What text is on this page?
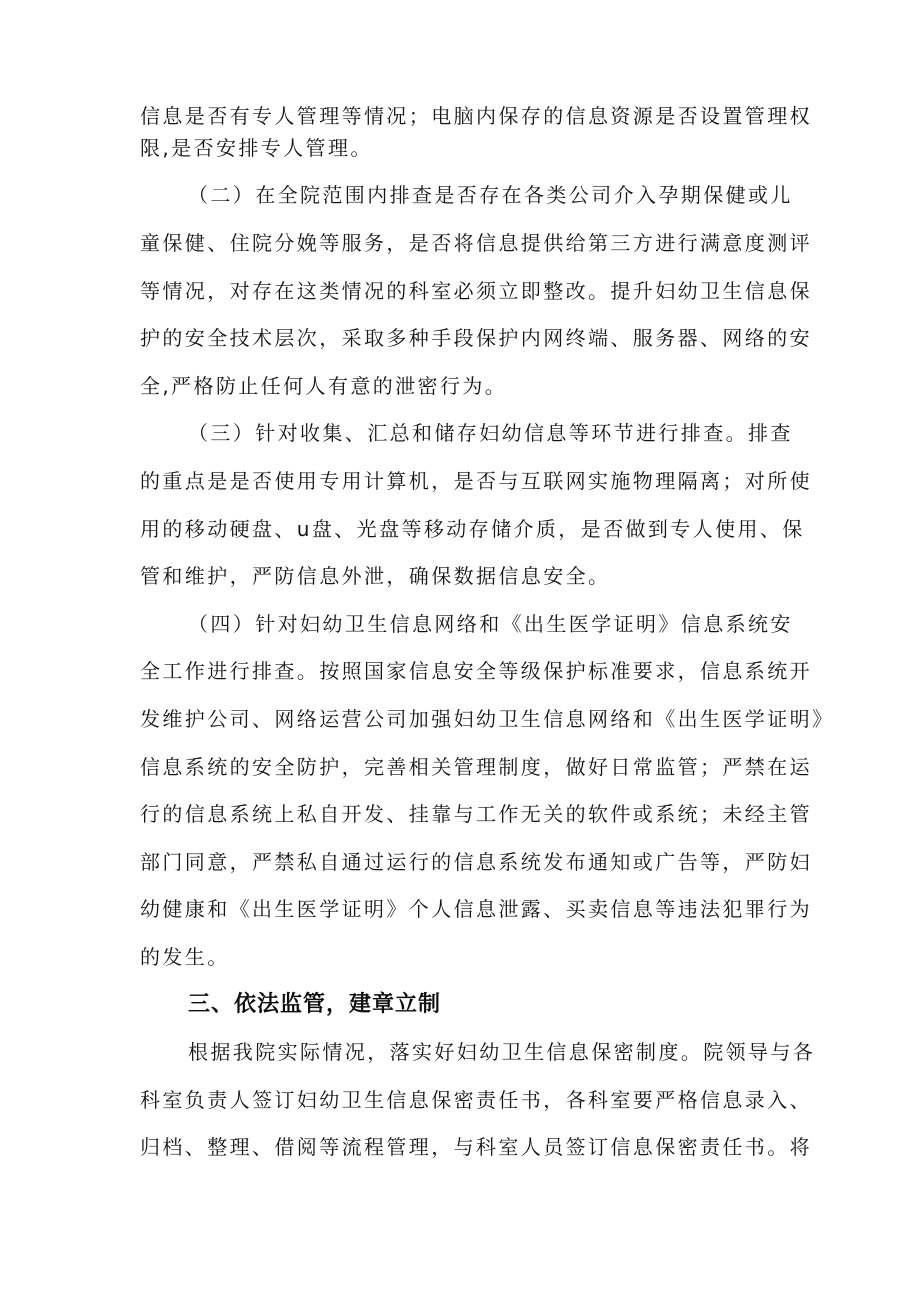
信息是否有专人管理等情况；电脑内保存的信息资源是否设置管理权
限,是否安排专人管理。
（二）在全院范围内排查是否存在各类公司介入孕期保健或儿
童保健、住院分娩等服务，是否将信息提供给第三方进行满意度测评
等情况，对存在这类情况的科室必须立即整改。提升妇幼卫生信息保
护的安全技术层次，采取多种手段保护内网终端、服务器、网络的安
全,严格防止任何人有意的泄密行为。
（三）针对收集、汇总和储存妇幼信息等环节进行排查。排查
的重点是是否使用专用计算机，是否与互联网实施物理隔离；对所使
用的移动硬盘、u盘、光盘等移动存储介质，是否做到专人使用、保
管和维护，严防信息外泄，确保数据信息安全。
（四）针对妇幼卫生信息网络和《出生医学证明》信息系统安
全工作进行排查。按照国家信息安全等级保护标准要求，信息系统开
发维护公司、网络运营公司加强妇幼卫生信息网络和《出生医学证明》
信息系统的安全防护，完善相关管理制度，做好日常监管；严禁在运
行的信息系统上私自开发、挂靠与工作无关的软件或系统；未经主管
部门同意，严禁私自通过运行的信息系统发布通知或广告等，严防妇
幼健康和《出生医学证明》个人信息泄露、买卖信息等违法犯罪行为
的发生。
三、依法监管，建章立制
根据我院实际情况，落实好妇幼卫生信息保密制度。院领导与各
科室负责人签订妇幼卫生信息保密责任书，各科室要严格信息录入、
归档、整理、借阅等流程管理，与科室人员签订信息保密责任书。将
